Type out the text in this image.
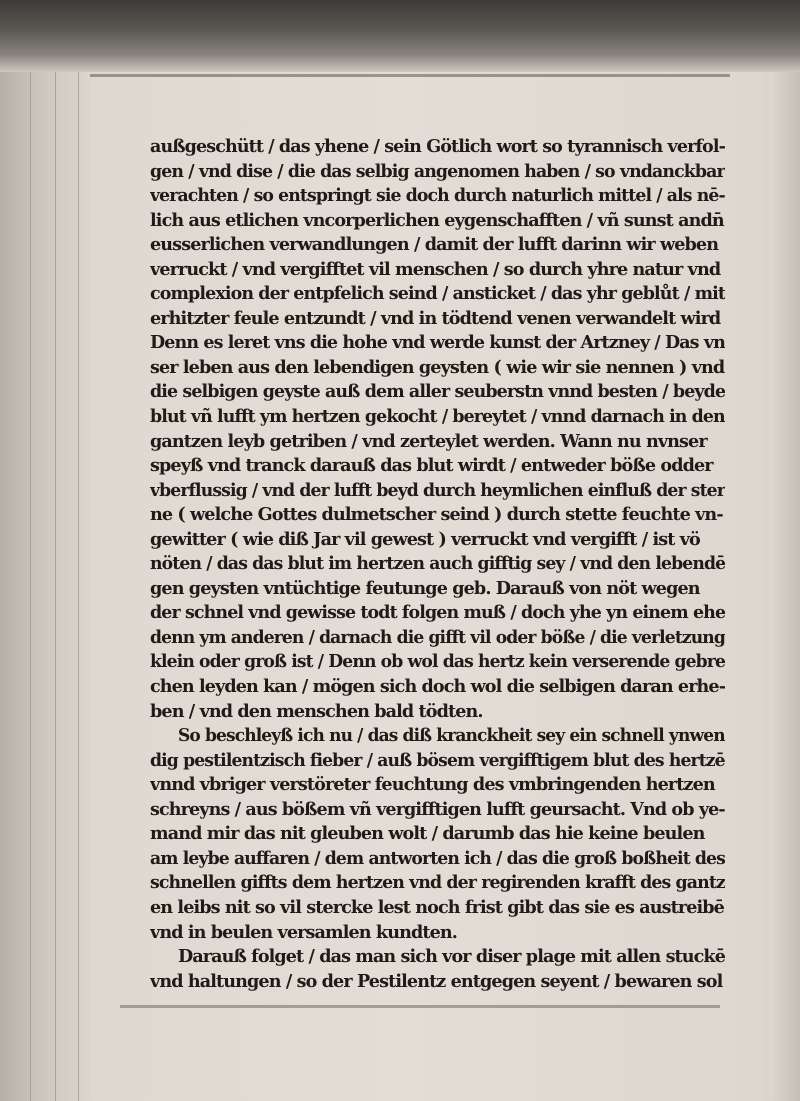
außgeschütt / das yhene / sein Götlich wort so tyrannisch verfol-
gen / vnd dise / die das selbig angenomen haben / so vndanckbar
verachten / so entspringt sie doch durch naturlich mittel / als nē-
lich aus etlichen vncorperlichen eygenschafften / vñ sunst andn̄
eusserlichen verwandlungen / damit der lufft darinn wir weben
verruckt / vnd vergifftet vil menschen / so durch yhre natur vnd
complexion der entpfelich seind / ansticket / das yhr geblůt / mit
erhitzter feule entzundt / vnd in tödtend venen verwandelt wird
Denn es leret vns die hohe vnd werde kunst der Artzney / Das vn
ser leben aus den lebendigen geysten ( wie wir sie nennen ) vnd
die selbigen geyste auß dem aller seuberstn vnnd besten / beyde
blut vñ lufft ym hertzen gekocht / bereytet / vnnd darnach in den
gantzen leyb getriben / vnd zerteylet werden. Wann nu nvnser
speyß vnd tranck darauß das blut wirdt / entweder böße odder
vberflussig / vnd der lufft beyd durch heymlichen einfluß der ster
ne ( welche Gottes dulmetscher seind ) durch stette feuchte vn-
gewitter ( wie diß Jar vil gewest ) verruckt vnd vergifft / ist vö
nöten / das das blut im hertzen auch gifftig sey / vnd den lebendē
gen geysten vntüchtige feutunge geb. Darauß von nöt wegen
der schnel vnd gewisse todt folgen muß / doch yhe yn einem ehe
denn ym anderen / darnach die gifft vil oder böße / die verletzung
klein oder groß ist / Denn ob wol das hertz kein verserende gebre
chen leyden kan / mögen sich doch wol die selbigen daran erhe-
ben / vnd den menschen bald tödten.
So beschleyß ich nu / das diß kranckheit sey ein schnell ynwen
dig pestilentzisch fieber / auß bösem vergifftigem blut des hertzē
vnnd vbriger verstöreter feuchtung des vmbringenden hertzen
schreyns / aus bößem vñ vergifftigen lufft geursacht. Vnd ob ye-
mand mir das nit gleuben wolt / darumb das hie keine beulen
am leybe auffaren / dem antworten ich / das die groß boßheit des
schnellen giffts dem hertzen vnd der regirenden krafft des gantz
en leibs nit so vil stercke lest noch frist gibt das sie es austreibē
vnd in beulen versamlen kundten.
Darauß folget / das man sich vor diser plage mit allen stuckē
vnd haltungen / so der Pestilentz entgegen seyent / bewaren sol
